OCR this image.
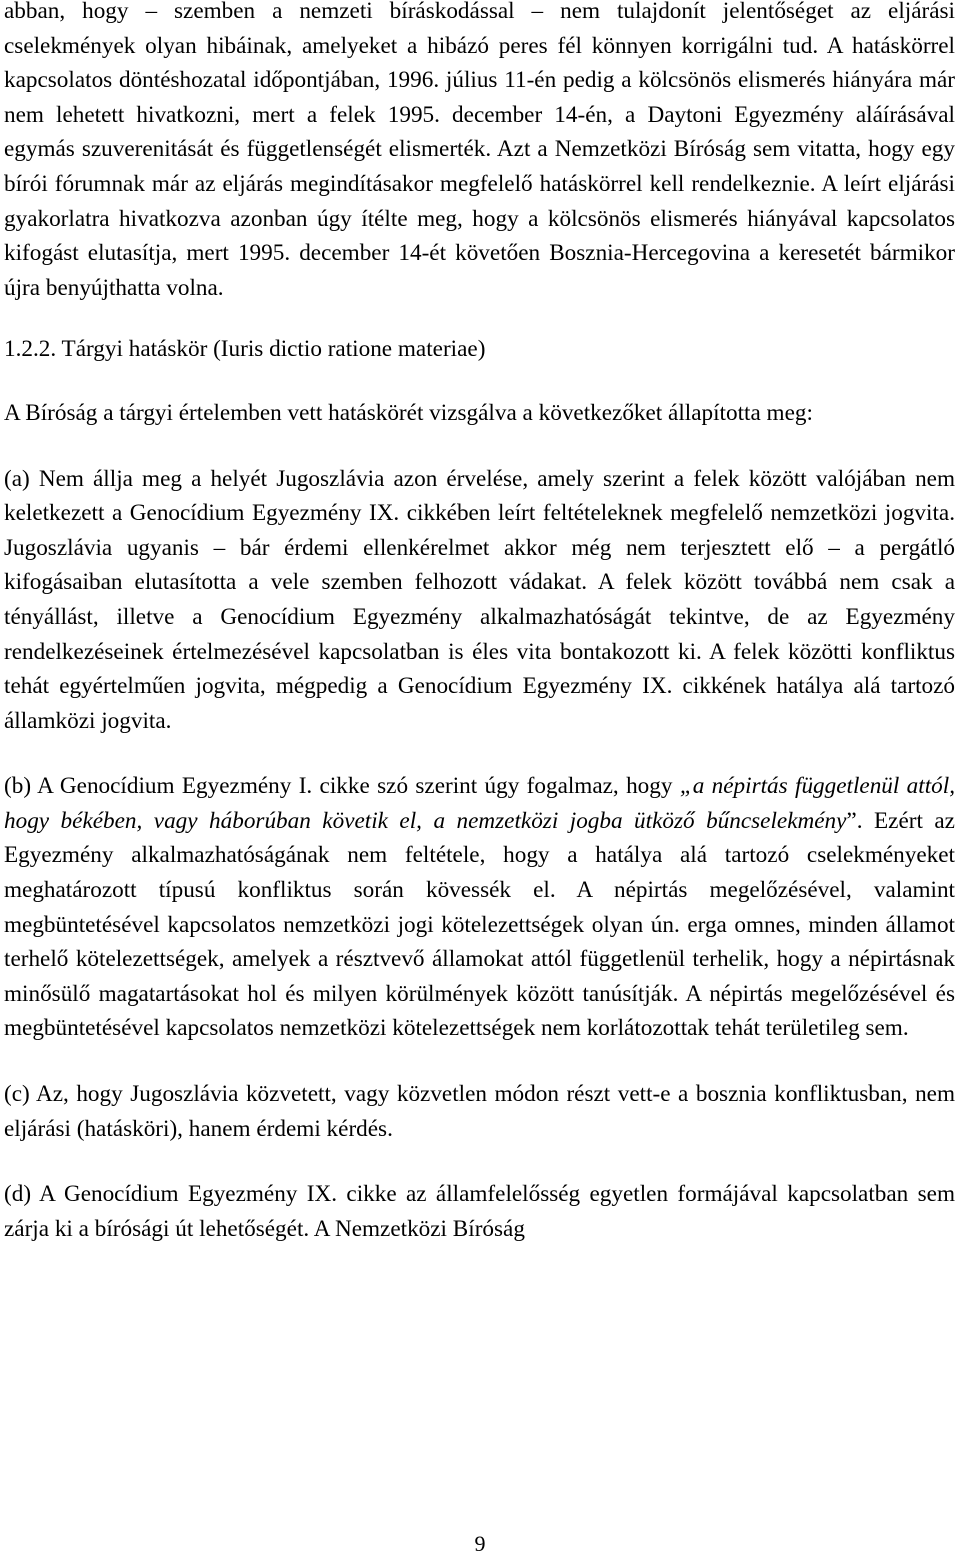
abban, hogy – szemben a nemzeti bíráskodással – nem tulajdonít jelentőséget az eljárási cselekmények olyan hibáinak, amelyeket a hibázó peres fél könnyen korrigálni tud. A hatáskörrel kapcsolatos döntéshozatal időpontjában, 1996. július 11-én pedig a kölcsönös elismerés hiányára már nem lehetett hivatkozni, mert a felek 1995. december 14-én, a Daytoni Egyezmény aláírásával egymás szuverenitását és függetlenségét elismerték. Azt a Nemzetközi Bíróság sem vitatta, hogy egy bírói fórumnak már az eljárás megindításakor megfelelő hatáskörrel kell rendelkeznie. A leírt eljárási gyakorlatra hivatkozva azonban úgy ítélte meg, hogy a kölcsönös elismerés hiányával kapcsolatos kifogást elutasítja, mert 1995. december 14-ét követően Bosznia-Hercegovina a keresetét bármikor újra benyújthatta volna.

1.2.2. Tárgyi hatáskör (Iuris dictio ratione materiae)

A Bíróság a tárgyi értelemben vett hatáskörét vizsgálva a következőket állapította meg:

(a) Nem állja meg a helyét Jugoszlávia azon érvelése, amely szerint a felek között valójában nem keletkezett a Genocídium Egyezmény IX. cikkében leírt feltételeknek megfelelő nemzetközi jogvita. Jugoszlávia ugyanis – bár érdemi ellenkérelmet akkor még nem terjesztett elő – a pergátló kifogásaiban elutasította a vele szemben felhozott vádakat. A felek között továbbá nem csak a tényállást, illetve a Genocídium Egyezmény alkalmazhatóságát tekintve, de az Egyezmény rendelkezéseinek értelmezésével kapcsolatban is éles vita bontakozott ki. A felek közötti konfliktus tehát egyértelműen jogvita, mégpedig a Genocídium Egyezmény IX. cikkének hatálya alá tartozó államközi jogvita.

(b) A Genocídium Egyezmény I. cikke szó szerint úgy fogalmaz, hogy „a népirtás függetlenül attól, hogy békében, vagy háborúban követik el, a nemzetközi jogba ütköző bűncselekmény”. Ezért az Egyezmény alkalmazhatóságának nem feltétele, hogy a hatálya alá tartozó cselekményeket meghatározott típusú konfliktus során kövessék el. A népirtás megelőzésével, valamint megbüntetésével kapcsolatos nemzetközi jogi kötelezettségek olyan ún. erga omnes, minden államot terhelő kötelezettségek, amelyek a résztvevő államokat attól függetlenül terhelik, hogy a népirtásnak minősülő magatartásokat hol és milyen körülmények között tanúsítják. A népirtás megelőzésével és megbüntetésével kapcsolatos nemzetközi kötelezettségek nem korlátozottak tehát területileg sem.

(c) Az, hogy Jugoszlávia közvetett, vagy közvetlen módon részt vett-e a bosznia konfliktusban, nem eljárási (hatásköri), hanem érdemi kérdés.

(d) A Genocídium Egyezmény IX. cikke az államfelelősség egyetlen formájával kapcsolatban sem zárja ki a bírósági út lehetőségét. A Nemzetközi Bíróság

9
